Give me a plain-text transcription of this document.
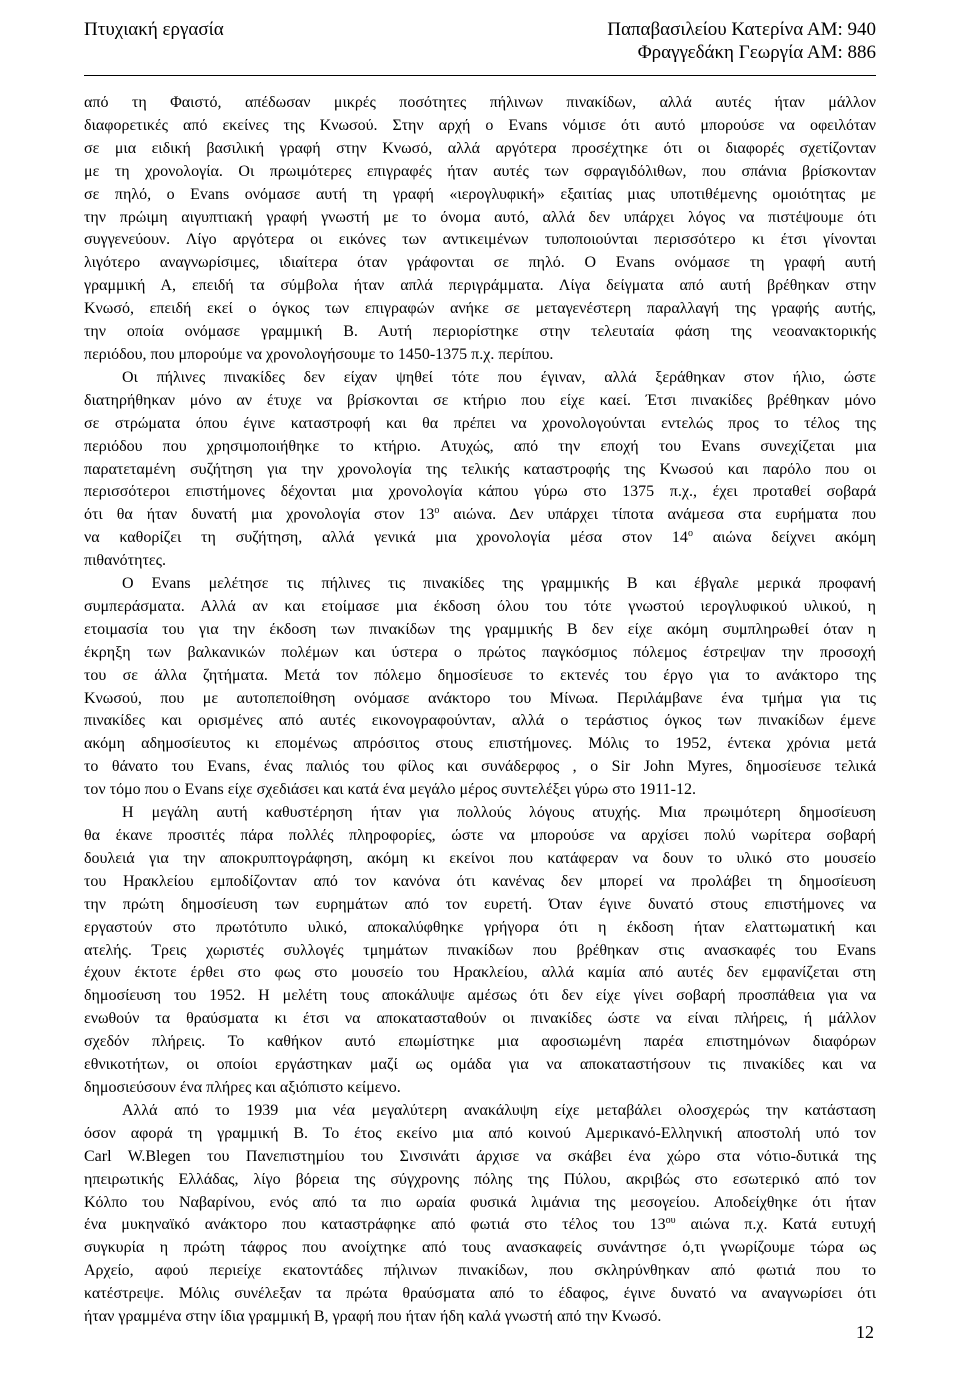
Πτυχιακή εργασία	Παπαβασιλείου Κατερίνα ΑΜ: 940
Φραγγεδάκη Γεωργία ΑΜ: 886
από τη Φαιστό, απέδωσαν μικρές ποσότητες πήλινων πινακίδων, αλλά αυτές ήταν μάλλον
διαφορετικές από εκείνες της Κνωσού. Στην αρχή ο Evans νόμισε ότι αυτό μπορούσε να οφειλόταν
σε μια ειδική βασιλική γραφή στην Κνωσό, αλλά αργότερα προσέχτηκε ότι οι διαφορές σχετίζονταν
με τη χρονολογία. Οι πρωιμότερες επιγραφές ήταν αυτές των σφραγιδόλιθων, που σπάνια βρίσκονταν
σε πηλό, ο Evans ονόμασε αυτή τη γραφή «ιερογλυφική» εξαιτίας μιας υποτιθέμενης ομοιότητας με
την πρώιμη αιγυπτιακή γραφή γνωστή με το όνομα αυτό, αλλά δεν υπάρχει λόγος να πιστέψουμε ότι
συγγενεύουν. Λίγο αργότερα οι εικόνες των αντικειμένων τυποποιούνται περισσότερο κι έτσι γίνονται
λιγότερο αναγνωρίσιμες, ιδιαίτερα όταν γράφονται σε πηλό. Ο Evans ονόμασε τη γραφή αυτή
γραμμική Α, επειδή τα σύμβολα ήταν απλά περιγράμματα. Λίγα δείγματα από αυτή βρέθηκαν στην
Κνωσό, επειδή εκεί ο όγκος των επιγραφών ανήκε σε μεταγενέστερη παραλλαγή της γραφής αυτής,
την οποία ονόμασε γραμμική Β. Αυτή περιορίστηκε στην τελευταία φάση της νεοανακτορικής
περιόδου, που μπορούμε να χρονολογήσουμε το 1450-1375 π.χ. περίπου.
Οι πήλινες πινακίδες δεν είχαν ψηθεί τότε που έγιναν, αλλά ξεράθηκαν στον ήλιο, ώστε
διατηρήθηκαν μόνο αν έτυχε να βρίσκονται σε κτήριο που είχε καεί. Έτσι πινακίδες βρέθηκαν μόνο
σε στρώματα όπου έγινε καταστροφή και θα πρέπει να χρονολογούνται εντελώς προς το τέλος της
περιόδου που χρησιμοποιήθηκε το κτήριο. Ατυχώς, από την εποχή του Evans συνεχίζεται μια
παρατεταμένη συζήτηση για την χρονολογία της τελικής καταστροφής της Κνωσού και παρόλο που οι
περισσότεροι επιστήμονες δέχονται μια χρονολογία κάπου γύρω στο 1375 π.χ., έχει προταθεί σοβαρά
ότι θα ήταν δυνατή μια χρονολογία στον $13^o$ αιώνα. Δεν υπάρχει τίποτα ανάμεσα στα ευρήματα που
να καθορίζει τη συζήτηση, αλλά γενικά μια χρονολογία μέσα στον $14^o$ αιώνα δείχνει ακόμη
πιθανότητες.
Ο Evans μελέτησε τις πήλινες τις πινακίδες της γραμμικής Β και έβγαλε μερικά προφανή
συμπεράσματα. Αλλά αν και ετοίμασε μια έκδοση όλου του τότε γνωστού ιερογλυφικού υλικού, η
ετοιμασία του για την έκδοση των πινακίδων της γραμμικής Β δεν είχε ακόμη συμπληρωθεί όταν η
έκρηξη των βαλκανικών πολέμων και ύστερα ο πρώτος παγκόσμιος πόλεμος έστρεψαν την προσοχή
του σε άλλα ζητήματα. Μετά τον πόλεμο δημοσίευσε το εκτενές του έργο για το ανάκτορο της
Κνωσού, που με αυτοπεποίθηση ονόμασε ανάκτορο του Μίνωα. Περιλάμβανε ένα τμήμα για τις
πινακίδες και ορισμένες από αυτές εικονογραφούνταν, αλλά ο τεράστιος όγκος των πινακίδων έμενε
ακόμη αδημοσίευτος κι επομένως απρόσιτος στους επιστήμονες. Μόλις το 1952, έντεκα χρόνια μετά
το θάνατο του Evans, ένας παλιός του φίλος και συνάδερφος , ο Sir John Myres, δημοσίευσε τελικά
τον τόμο που ο Evans είχε σχεδιάσει και κατά ένα μεγάλο μέρος συντελέξει γύρω στο 1911-12.
Η μεγάλη αυτή καθυστέρηση ήταν για πολλούς λόγους ατυχής. Μια πρωιμότερη δημοσίευση
θα έκανε προσιτές πάρα πολλές πληροφορίες, ώστε να μπορούσε να αρχίσει πολύ νωρίτερα σοβαρή
δουλειά για την αποκρυπτογράφηση, ακόμη κι εκείνοι που κατάφεραν να δουν το υλικό στο μουσείο
του Ηρακλείου εμποδίζονταν από τον κανόνα ότι κανένας δεν μπορεί να προλάβει τη δημοσίευση
την πρώτη δημοσίευση των ευρημάτων από τον ευρετή. Όταν έγινε δυνατό στους επιστήμονες να
εργαστούν στο πρωτότυπο υλικό, αποκαλύφθηκε γρήγορα ότι η έκδοση ήταν ελαττωματική και
ατελής. Τρεις χωριστές συλλογές τμημάτων πινακίδων που βρέθηκαν στις ανασκαφές του Evans
έχουν έκτοτε έρθει στο φως στο μουσείο του Ηρακλείου, αλλά καμία από αυτές δεν εμφανίζεται στη
δημοσίευση του 1952. Η μελέτη τους αποκάλυψε αμέσως ότι δεν είχε γίνει σοβαρή προσπάθεια για να
ενωθούν τα θραύσματα κι έτσι να αποκατασταθούν οι πινακίδες ώστε να είναι πλήρεις, ή μάλλον
σχεδόν πλήρεις. Το καθήκον αυτό επωμίστηκε μια αφοσιωμένη παρέα επιστημόνων διαφόρων
εθνικοτήτων, οι οποίοι εργάστηκαν μαζί ως ομάδα για να αποκαταστήσουν τις πινακίδες και να
δημοσιεύσουν ένα πλήρες και αξιόπιστο κείμενο.
Αλλά από το 1939 μια νέα μεγαλύτερη ανακάλυψη είχε μεταβάλει ολοσχερώς την κατάσταση
όσον αφορά τη γραμμική Β. Το έτος εκείνο μια από κοινού Αμερικανό-Ελληνική αποστολή υπό τον
Carl W.Blegen του Πανεπιστημίου του Σινσινάτι άρχισε να σκάβει ένα χώρο στα νότιο-δυτικά της
ηπειρωτικής Ελλάδας, λίγο βόρεια της σύγχρονης πόλης της Πύλου, ακριβώς στο εσωτερικό από τον
Κόλπο του Ναβαρίνου, ενός από τα πιο ωραία φυσικά λιμάνια της μεσογείου. Αποδείχθηκε ότι ήταν
ένα μυκηναϊκό ανάκτορο που καταστράφηκε από φωτιά στο τέλος του $13^{o\upsilon}$ αιώνα π.χ. Κατά ευτυχή
συγκυρία η πρώτη τάφρος που ανοίχτηκε από τους ανασκαφείς συνάντησε ό,τι γνωρίζουμε τώρα ως
Αρχείο, αφού περιείχε εκατοντάδες πήλινων πινακίδων, που σκληρύνθηκαν από φωτιά που το
κατέστρεψε. Μόλις συνέλεξαν τα πρώτα θραύσματα από το έδαφος, έγινε δυνατό να αναγνωρίσει ότι
ήταν γραμμένα στην ίδια γραμμική Β, γραφή που ήταν ήδη καλά γνωστή από την Κνωσό.
12
